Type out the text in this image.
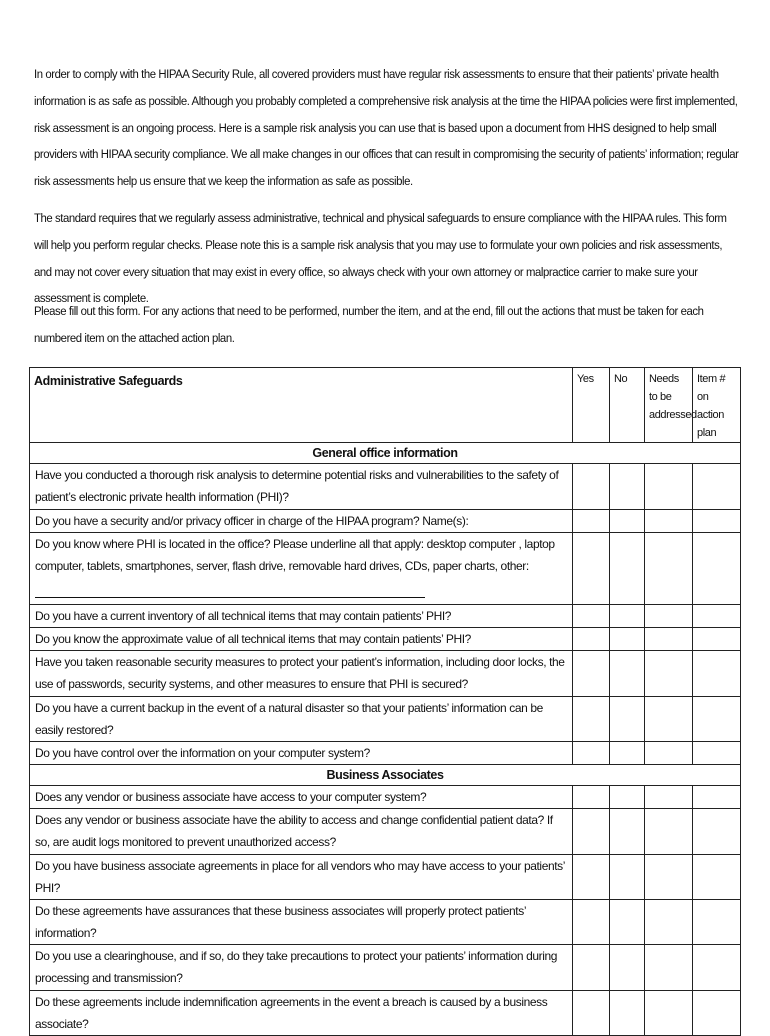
In order to comply with the HIPAA Security Rule, all covered providers must have regular risk assessments to ensure that their patients’ private health information is as safe as possible. Although you probably completed a comprehensive risk analysis at the time the HIPAA policies were first implemented, risk assessment is an ongoing process. Here is a sample risk analysis you can use that is based upon a document from HHS designed to help small providers with HIPAA security compliance. We all make changes in our offices that can result in compromising the security of patients’ information; regular risk assessments help us ensure that we keep the information as safe as possible.
The standard requires that we regularly assess administrative, technical and physical safeguards to ensure compliance with the HIPAA rules. This form will help you perform regular checks. Please note this is a sample risk analysis that you may use to formulate your own policies and risk assessments, and may not cover every situation that may exist in every office, so always check with your own attorney or malpractice carrier to make sure your assessment is complete.
Please fill out this form. For any actions that need to be performed, number the item, and at the end, fill out the actions that must be taken for each numbered item on the attached action plan.
Administrative Safeguards	Yes	No	Needs to be addressed	Item # on action plan
General office information				
Have you conducted a thorough risk analysis to determine potential risks and vulnerabilities to the safety of patient’s electronic private health information (PHI)?				
Do you have a security and/or privacy officer in charge of the HIPAA program? Name(s):				
Do you know where PHI is located in the office? Please underline all that apply: desktop computer , laptop computer, tablets, smartphones, server, flash drive, removable hard drives, CDs, paper charts, other:

Do you have a current inventory of all technical items that may contain patients’ PHI?				
Do you know the approximate value of all technical items that may contain patients’ PHI?				
Have you taken reasonable security measures to protect your patient’s information, including door locks, the use of passwords, security systems, and other measures to ensure that PHI is secured?				
Do you have a current backup in the event of a natural disaster so that your patients’ information can be easily restored?				
Do you have control over the information on your computer system?				
Business Associates				
Does any vendor or business associate have access to your computer system?				
Does any vendor or business associate have the ability to access and change confidential patient data? If so, are audit logs monitored to prevent unauthorized access?				
Do you have business associate agreements in place for all vendors who may have access to your patients’ PHI?				
Do these agreements have assurances that these business associates will properly protect patients’ information?				
Do you use a clearinghouse, and if so, do they take precautions to protect your patients’ information during processing and transmission?				
Do these agreements include indemnification agreements in the event a breach is caused by a business associate?				
